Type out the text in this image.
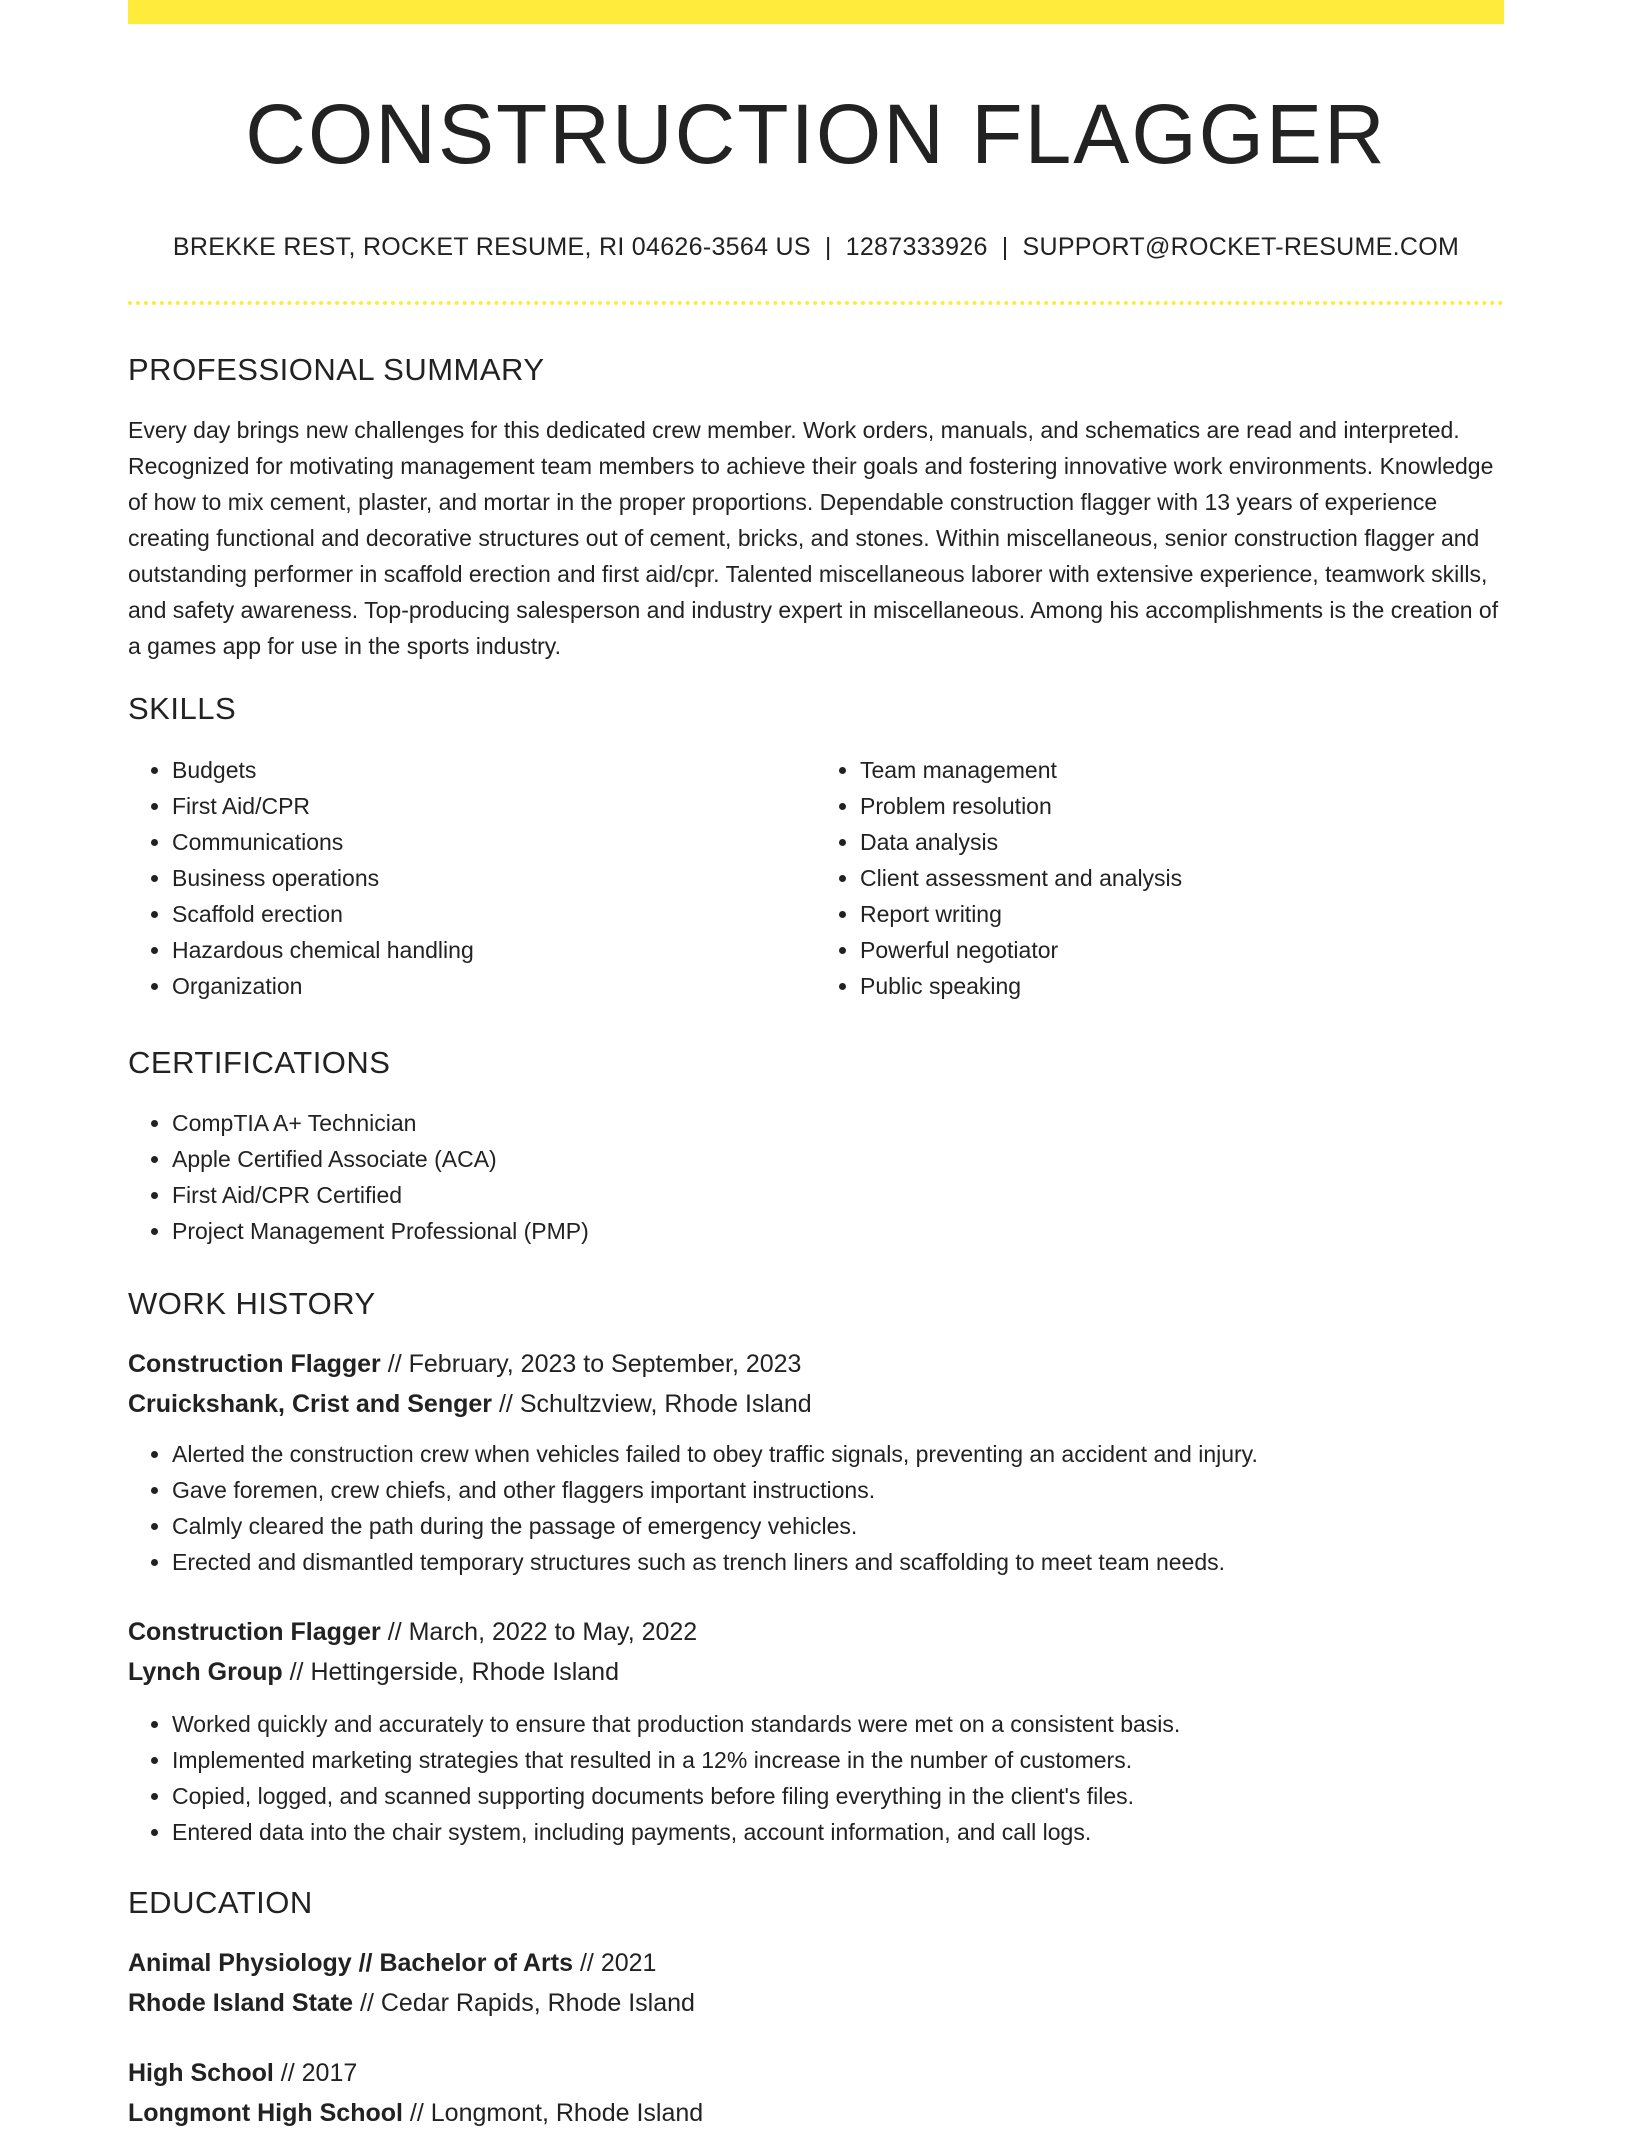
CONSTRUCTION FLAGGER
BREKKE REST, ROCKET RESUME, RI 04626-3564 US | 1287333926 | SUPPORT@ROCKET-RESUME.COM
PROFESSIONAL SUMMARY

Every day brings new challenges for this dedicated crew member. Work orders, manuals, and schematics are read and interpreted. Recognized for motivating management team members to achieve their goals and fostering innovative work environments. Knowledge of how to mix cement, plaster, and mortar in the proper proportions. Dependable construction flagger with 13 years of experience creating functional and decorative structures out of cement, bricks, and stones. Within miscellaneous, senior construction flagger and outstanding performer in scaffold erection and first aid/cpr. Talented miscellaneous laborer with extensive experience, teamwork skills, and safety awareness. Top-producing salesperson and industry expert in miscellaneous. Among his accomplishments is the creation of a games app for use in the sports industry.

SKILLS
• Budgets
• First Aid/CPR
• Communications
• Business operations
• Scaffold erection
• Hazardous chemical handling
• Organization
• Team management
• Problem resolution
• Data analysis
• Client assessment and analysis
• Report writing
• Powerful negotiator
• Public speaking
CERTIFICATIONS
• CompTIA A+ Technician
• Apple Certified Associate (ACA)
• First Aid/CPR Certified
• Project Management Professional (PMP)
WORK HISTORY
Construction Flagger // February, 2023 to September, 2023
Cruickshank, Crist and Senger // Schultzview, Rhode Island
• Alerted the construction crew when vehicles failed to obey traffic signals, preventing an accident and injury.
• Gave foremen, crew chiefs, and other flaggers important instructions.
• Calmly cleared the path during the passage of emergency vehicles.
• Erected and dismantled temporary structures such as trench liners and scaffolding to meet team needs.
Construction Flagger // March, 2022 to May, 2022
Lynch Group // Hettingerside, Rhode Island
• Worked quickly and accurately to ensure that production standards were met on a consistent basis.
• Implemented marketing strategies that resulted in a 12% increase in the number of customers.
• Copied, logged, and scanned supporting documents before filing everything in the client's files.
• Entered data into the chair system, including payments, account information, and call logs.
EDUCATION
Animal Physiology // Bachelor of Arts // 2021
Rhode Island State // Cedar Rapids, Rhode Island
High School // 2017
Longmont High School // Longmont, Rhode Island
